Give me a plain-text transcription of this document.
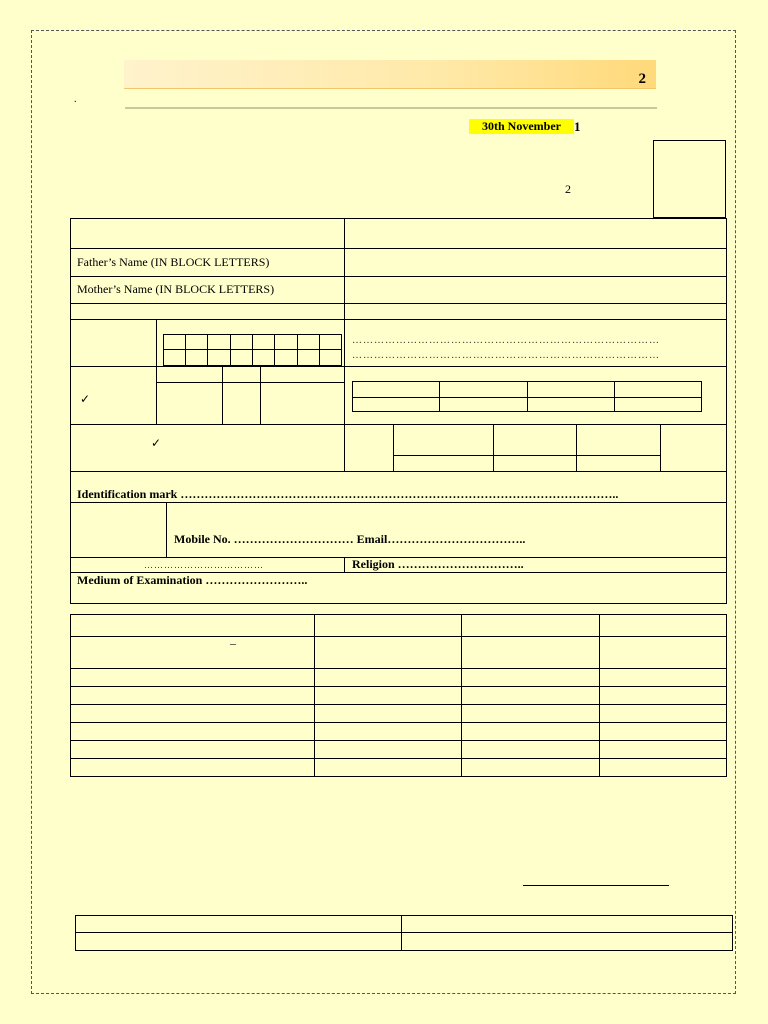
2
.
30th November	1
2
Father’s Name (IN BLOCK LETTERS)
Mother’s Name (IN BLOCK LETTERS)
…………………………………………………………………………
…………………………………………………………………………
✓
✓
Identification mark ………………………………………………………………………………………………..
Mobile No. ………………………… Email……………………………..
………………………………	Religion …………………………..
Medium of Examination ……………………..
–
